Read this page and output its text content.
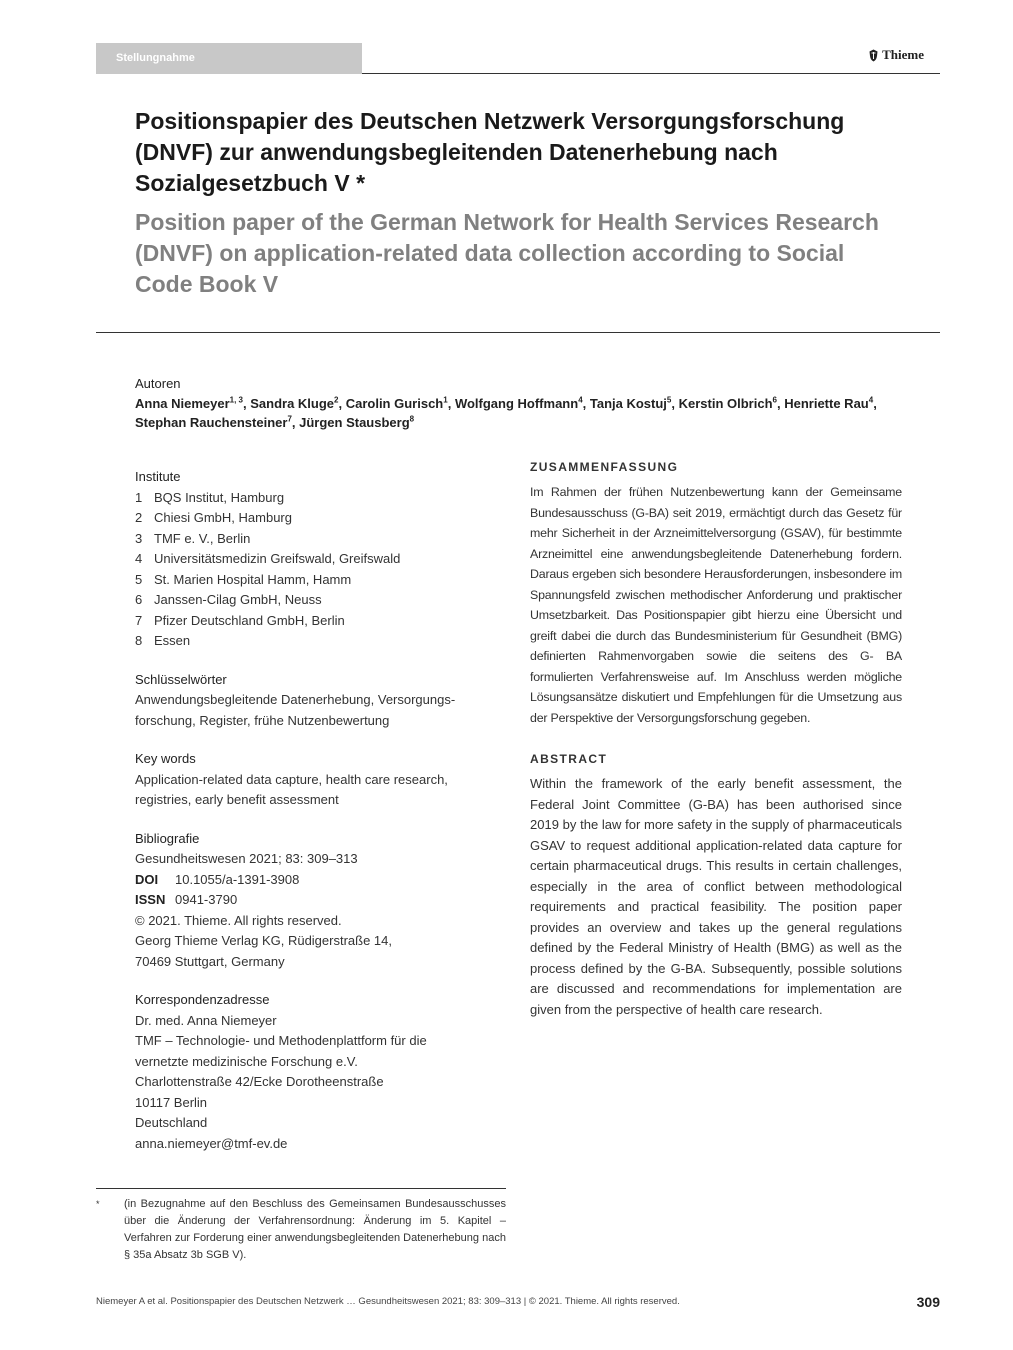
Stellungnahme	Thieme
Positionspapier des Deutschen Netzwerk Versorgungsforschung (DNVF) zur anwendungsbegleitenden Datenerhebung nach Sozialgesetzbuch V *
Position paper of the German Network for Health Services Research (DNVF) on application-related data collection according to Social Code Book V
Autoren
Anna Niemeyer$^{1, 3}$, Sandra Kluge$^2$, Carolin Gurisch$^1$, Wolfgang Hoffmann$^4$, Tanja Kostuj$^5$, Kerstin Olbrich$^6$, Henriette Rau$^4$, Stephan Rauchensteiner$^7$, Jürgen Stausberg$^8$
Institute
1 BQS Institut, Hamburg
2 Chiesi GmbH, Hamburg
3 TMF e. V., Berlin
4 Universitätsmedizin Greifswald, Greifswald
5 St. Marien Hospital Hamm, Hamm
6 Janssen-Cilag GmbH, Neuss
7 Pfizer Deutschland GmbH, Berlin
8 Essen
Schlüsselwörter
Anwendungsbegleitende Datenerhebung, Versorgungs-
forschung, Register, frühe Nutzenbewertung
Key words
Application-related data capture, health care research,
registries, early benefit assessment
Bibliografie
Gesundheitswesen 2021; 83: 309–313
DOI 10.1055/a-1391-3908
ISSN 0941-3790
© 2021. Thieme. All rights reserved.
Georg Thieme Verlag KG, Rüdigerstraße 14,
70469 Stuttgart, Germany
Korrespondenzadresse
Dr. med. Anna Niemeyer
TMF – Technologie- und Methodenplattform für die
vernetzte medizinische Forschung e.V.
Charlottenstraße 42/Ecke Dorotheenstraße
10117 Berlin
Deutschland
anna.niemeyer@tmf-ev.de
ZUSAMMENFASSUNG

Im Rahmen der frühen Nutzenbewertung kann der Gemeinsame Bundesausschuss (G-BA) seit 2019, ermächtigt durch das Gesetz für mehr Sicherheit in der Arzneimittelversorgung (GSAV), für bestimmte Arzneimittel eine anwendungsbegleitende Datenerhebung fordern. Daraus ergeben sich besondere Herausforderungen, insbesondere im Spannungsfeld zwischen methodischer Anforderung und praktischer Umsetzbarkeit. Das Positionspapier gibt hierzu eine Übersicht und greift dabei die durch das Bundesministerium für Gesundheit (BMG) definierten Rahmenvorgaben sowie die seitens des G- BA formulierten Verfahrensweise auf. Im Anschluss werden mögliche Lösungsansätze diskutiert und Empfehlungen für die Umsetzung aus der Perspektive der Versorgungsforschung gegeben.

ABSTRACT

Within the framework of the early benefit assessment, the Federal Joint Committee (G-BA) has been authorised since 2019 by the law for more safety in the supply of pharmaceuticals GSAV to request additional application-related data capture for certain pharmaceutical drugs. This results in certain challenges, especially in the area of conflict between methodological requirements and practical feasibility. The position paper provides an overview and takes up the general regulations defined by the Federal Ministry of Health (BMG) as well as the process defined by the G-BA. Subsequently, possible solutions are discussed and recommendations for implementation are given from the perspective of health care research.

*	(in Bezugnahme auf den Beschluss des Gemeinsamen Bundesausschusses über die Änderung der Verfahrensordnung: Änderung im 5. Kapitel – Verfahren zur Forderung einer anwendungsbegleitenden Datenerhebung nach § 35a Absatz 3b SGB V).
Niemeyer A et al. Positionspapier des Deutschen Netzwerk … Gesundheitswesen 2021; 83: 309–313 | © 2021. Thieme. All rights reserved.	309
